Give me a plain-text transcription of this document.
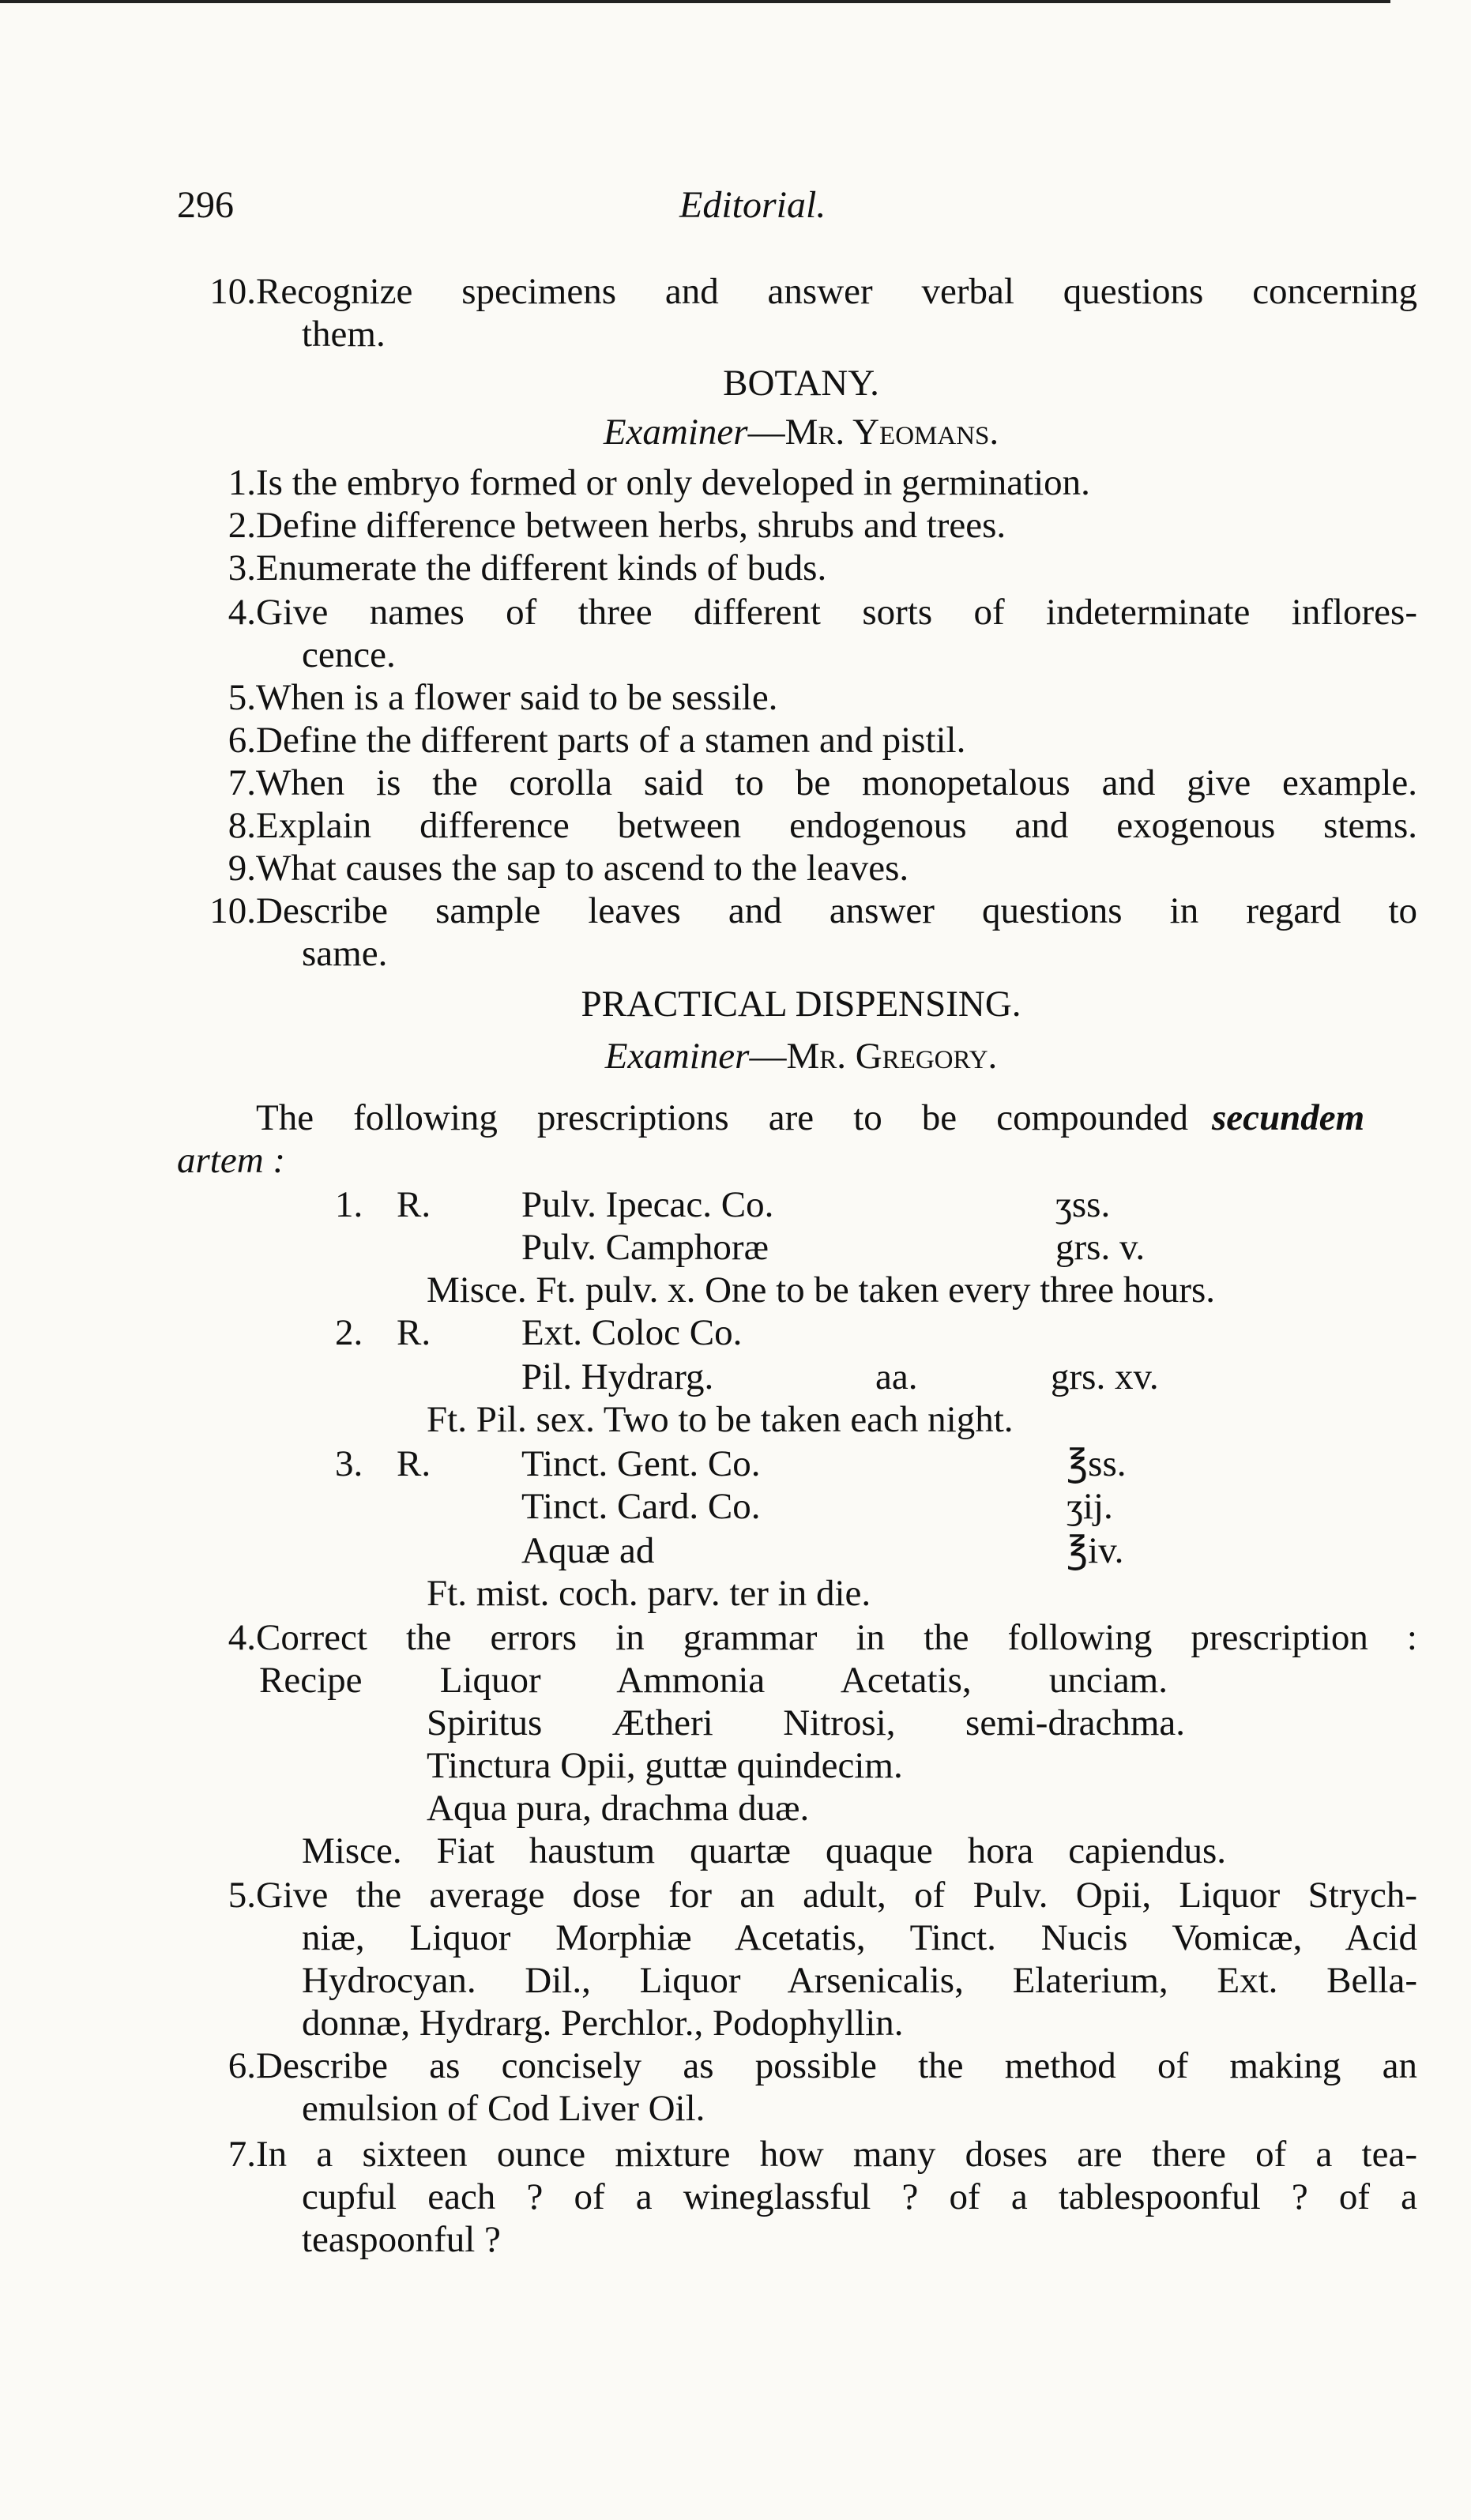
296	Editorial.
10. Recognize specimens and answer verbal questions concerning
them.
BOTANY.
Examiner—Mr. Yeomans.
1. Is the embryo formed or only developed in germination.
2. Define difference between herbs, shrubs and trees.
3. Enumerate the different kinds of buds.
4. Give names of three different sorts of indeterminate inflores-
cence.
5. When is a flower said to be sessile.
6. Define the different parts of a stamen and pistil.
7. When is the corolla said to be monopetalous and give example.
8. Explain difference between endogenous and exogenous stems.
9. What causes the sap to ascend to the leaves.
10. Describe sample leaves and answer questions in regard to
same.
PRACTICAL DISPENSING.
Examiner—Mr. Gregory.
The following prescriptions are to be compounded secundem
artem :
1. R. Pulv. Ipecac. Co.	ʒss.
Pulv. Camphoræ	grs. v.
Misce. Ft. pulv. x. One to be taken every three hours.
2. R. Ext. Coloc Co.
Pil. Hydrarg.	aa.	grs. xv.
Ft. Pil. sex. Two to be taken each night.
3. R. Tinct. Gent. Co.	℥ss.
Tinct. Card. Co.	ʒij.
Aquæ ad	℥iv.
Ft. mist. coch. parv. ter in die.
4. Correct the errors in grammar in the following prescription :
Recipe Liquor Ammonia Acetatis, unciam.
Spiritus Ætheri Nitrosi, semi-drachma.
Tinctura Opii, guttæ quindecim.
Aqua pura, drachma duæ.
Misce. Fiat haustum quartæ quaque hora capiendus.
5. Give the average dose for an adult, of Pulv. Opii, Liquor Strych-
niæ, Liquor Morphiæ Acetatis, Tinct. Nucis Vomicæ, Acid
Hydrocyan. Dil., Liquor Arsenicalis, Elaterium, Ext. Bella-
donnæ, Hydrarg. Perchlor., Podophyllin.
6. Describe as concisely as possible the method of making an
emulsion of Cod Liver Oil.
7. In a sixteen ounce mixture how many doses are there of a tea-
cupful each ? of a wineglassful ? of a tablespoonful ? of a
teaspoonful ?
